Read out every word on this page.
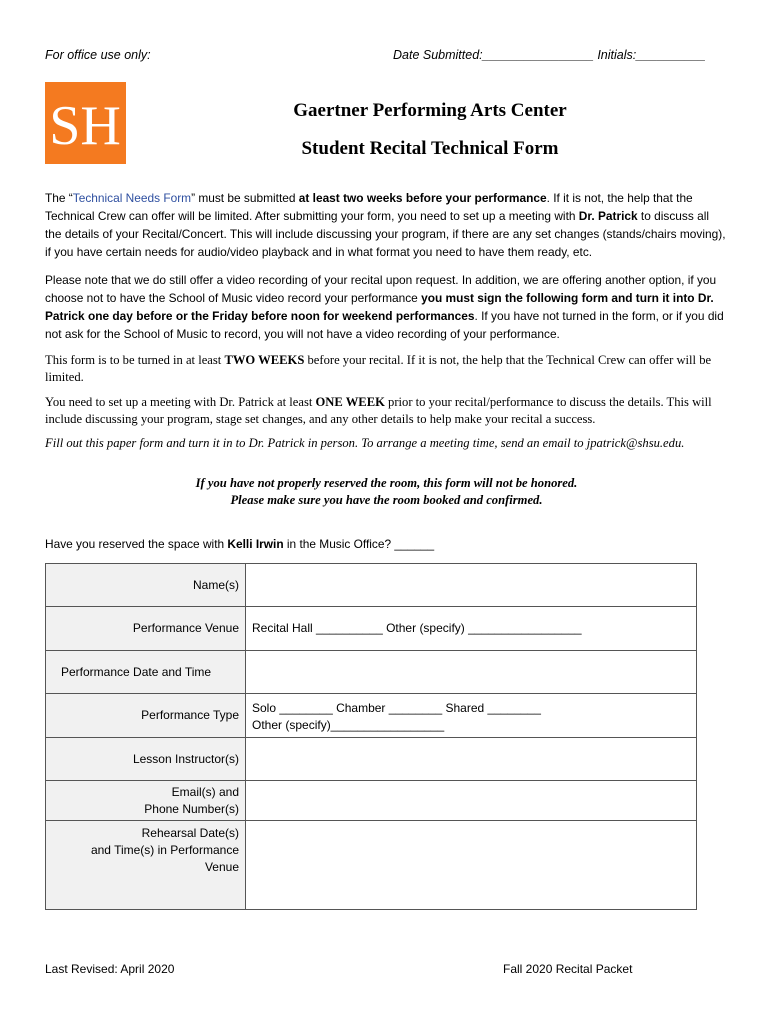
For office use only:	Date Submitted:________________ Initials:__________
SH	Gaertner Performing Arts Center
Student Recital Technical Form
The “Technical Needs Form” must be submitted at least two weeks before your performance. If it is not, the help that the Technical Crew can offer will be limited. After submitting your form, you need to set up a meeting with Dr. Patrick to discuss all the details of your Recital/Concert. This will include discussing your program, if there are any set changes (stands/chairs moving), if you have certain needs for audio/video playback and in what format you need to have them ready, etc.
Please note that we do still offer a video recording of your recital upon request. In addition, we are offering another option, if you choose not to have the School of Music video record your performance you must sign the following form and turn it into Dr. Patrick one day before or the Friday before noon for weekend performances. If you have not turned in the form, or if you did not ask for the School of Music to record, you will not have a video recording of your performance.
This form is to be turned in at least TWO WEEKS before your recital. If it is not, the help that the Technical Crew can offer will be limited.
You need to set up a meeting with Dr. Patrick at least ONE WEEK prior to your recital/performance to discuss the details. This will include discussing your program, stage set changes, and any other details to help make your recital a success.
Fill out this paper form and turn it in to Dr. Patrick in person. To arrange a meeting time, send an email to jpatrick@shsu.edu.
If you have not properly reserved the room, this form will not be honored.
Please make sure you have the room booked and confirmed.
Have you reserved the space with Kelli Irwin in the Music Office? ______
Name(s)	
Performance Venue	Recital Hall __________ Other (specify) _________________
Performance Date and Time	
Performance Type	Solo ________ Chamber ________ Shared ________
Other (specify)_________________

Lesson Instructor(s)	

Email(s) and
Phone Number(s)	

Rehearsal Date(s)
and Time(s) in Performance
Venue	

Last Revised: April 2020	Fall 2020 Recital Packet
